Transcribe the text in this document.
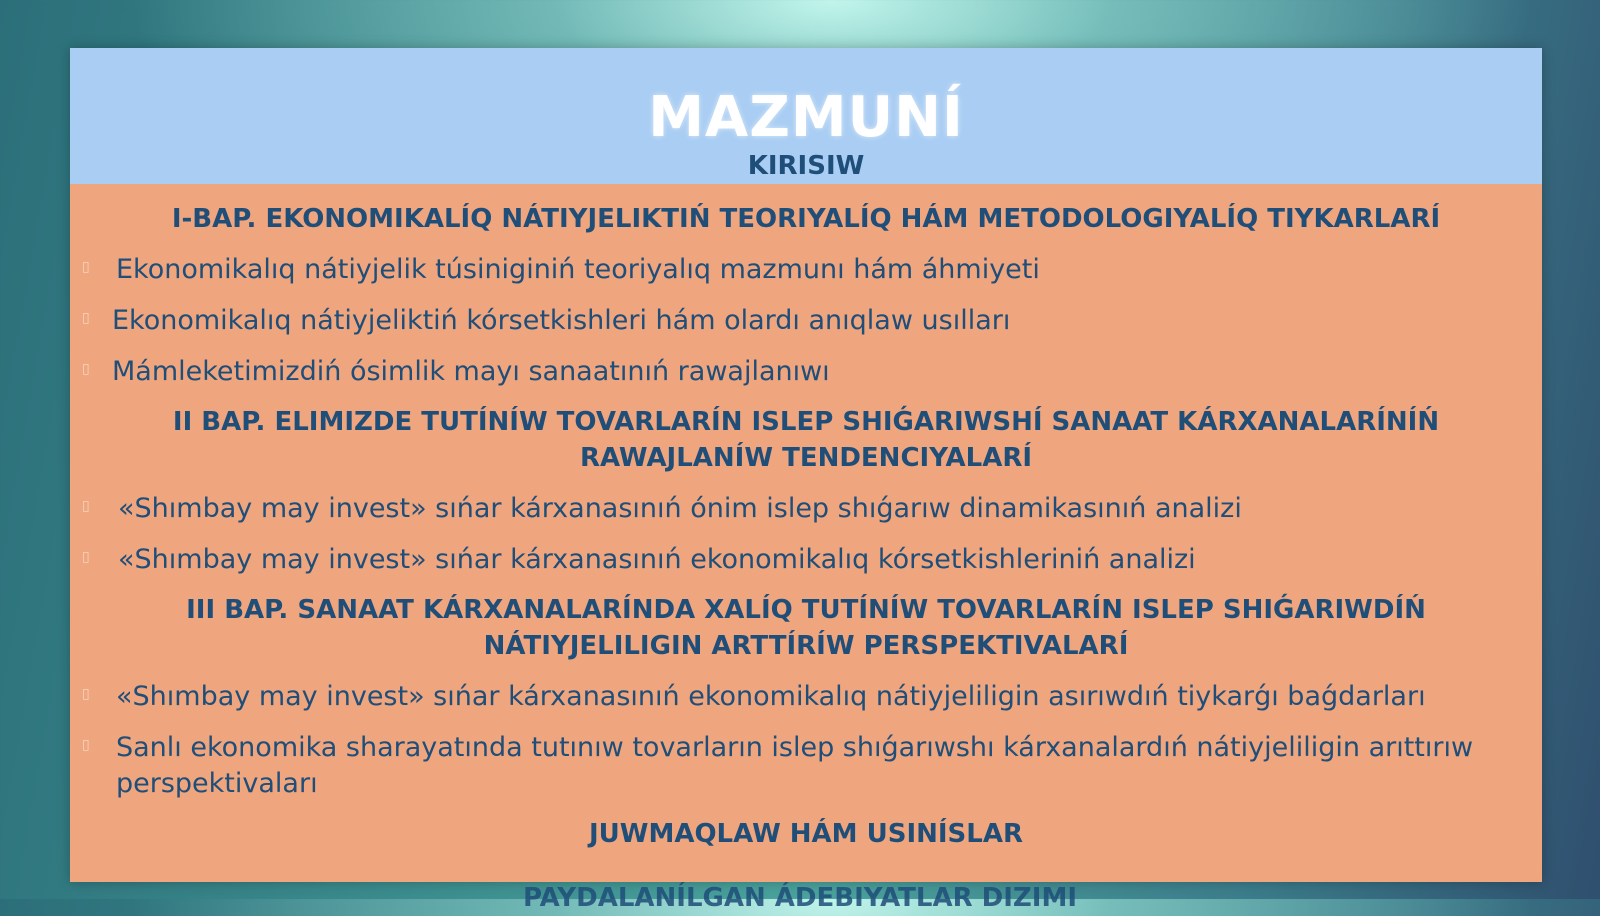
MAZMUNÍ
KIRISIW
I-BAP. EKONOMIKALÍQ NÁTIYJELIKTIŃ TEORIYALÍQ HÁM METODOLOGIYALÍQ TIYKARLARÍ
▯ Ekonomikalıq nátiyjelik túsiniginiń teoriyalıq mazmunı hám áhmiyeti
▯ Ekonomikalıq nátiyjeliktiń kórsetkishleri hám olardı anıqlaw usılları
▯ Mámleketimizdiń ósimlik mayı sanaatınıń rawajlanıwı
II BAP. ELIMIZDE TUTÍNÍW TOVARLARÍN ISLEP SHIǴARIWSHÍ SANAAT KÁRXANALARÍNÍŃ RAWAJLANÍW TENDENCIYALARÍ
▯ «Shımbay may invest» sıńar kárxanasınıń ónim islep shıǵarıw dinamikasınıń analizi
▯ «Shımbay may invest» sıńar kárxanasınıń ekonomikalıq kórsetkishleriniń analizi
III BAP. SANAAT KÁRXANALARÍNDA XALÍQ TUTÍNÍW TOVARLARÍN ISLEP SHIǴARIWDÍŃ NÁTIYJELILIGIN ARTTÍRÍW PERSPEKTIVALARÍ
▯ «Shımbay may invest» sıńar kárxanasınıń ekonomikalıq nátiyjeliligin asırıwdıń tiykarǵı baǵdarları
▯ Sanlı ekonomika sharayatında tutınıw tovarların islep shıǵarıwshı kárxanalardıń nátiyjeliligin arıttırıw perspektivaları
JUWMAQLAW HÁM USINÍSLAR
PAYDALANÍLGAN ÁDEBIYATLAR DIZIMI
